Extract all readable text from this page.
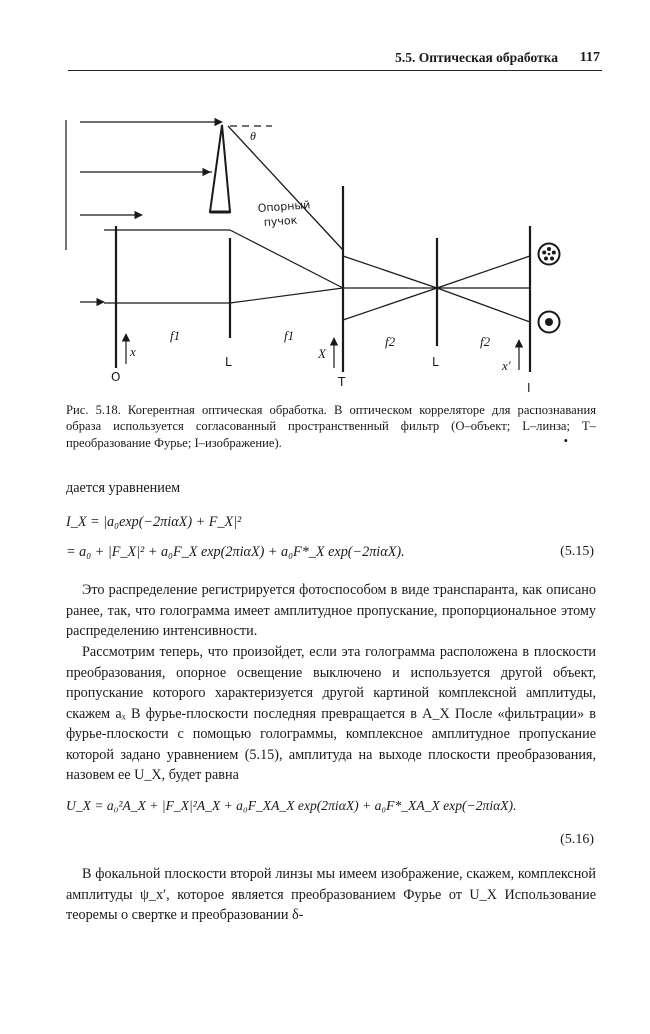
5.5. Оптическая обработка 117
θ
Опорный
пучок
x	X
x′
f1	f1	f2	f2
O
L
T
L
I
Рис. 5.18. Когерентная оптическая обработка. В оптическом корреляторе для распознавания образа используется согласованный пространственный фильтр (O–объект; L–линза; T–преобразование Фурье; I–изображение).	•
дается уравнением
I_X = |a₀exp(−2πiαX) + F_X|²
= a₀ + |F_X|² + a₀F_X exp(2πiαX) + a₀F*_X exp(−2πiαX).	(5.15)
Это распределение регистрируется фотоспособом в виде транспаранта, как описано ранее, так, что голограмма имеет амплитудное пропускание, пропорциональное этому распределению интенсивности.
Рассмотрим теперь, что произойдет, если эта голограмма расположена в плоскости преобразования, опорное освещение выключено и используется другой объект, пропускание которого характеризуется другой картиной комплексной амплитуды, скажем aₓ В фурье-плоскости последняя превращается в A_X После «фильтрации» в фурье-плоскости с помощью голограммы, комплексное амплитудное пропускание которой задано уравнением (5.15), амплитуда на выходе плоскости преобразования, назовем ее U_X, будет равна
U_X = a₀²A_X + |F_X|²A_X + a₀F_XA_X exp(2πiαX) + a₀F*_XA_X exp(−2πiαX).
(5.16)
В фокальной плоскости второй линзы мы имеем изображение, скажем, комплексной амплитуды ψ_x′, которое является преобразованием Фурье от U_X Использование теоремы о свертке и преобразовании δ-
